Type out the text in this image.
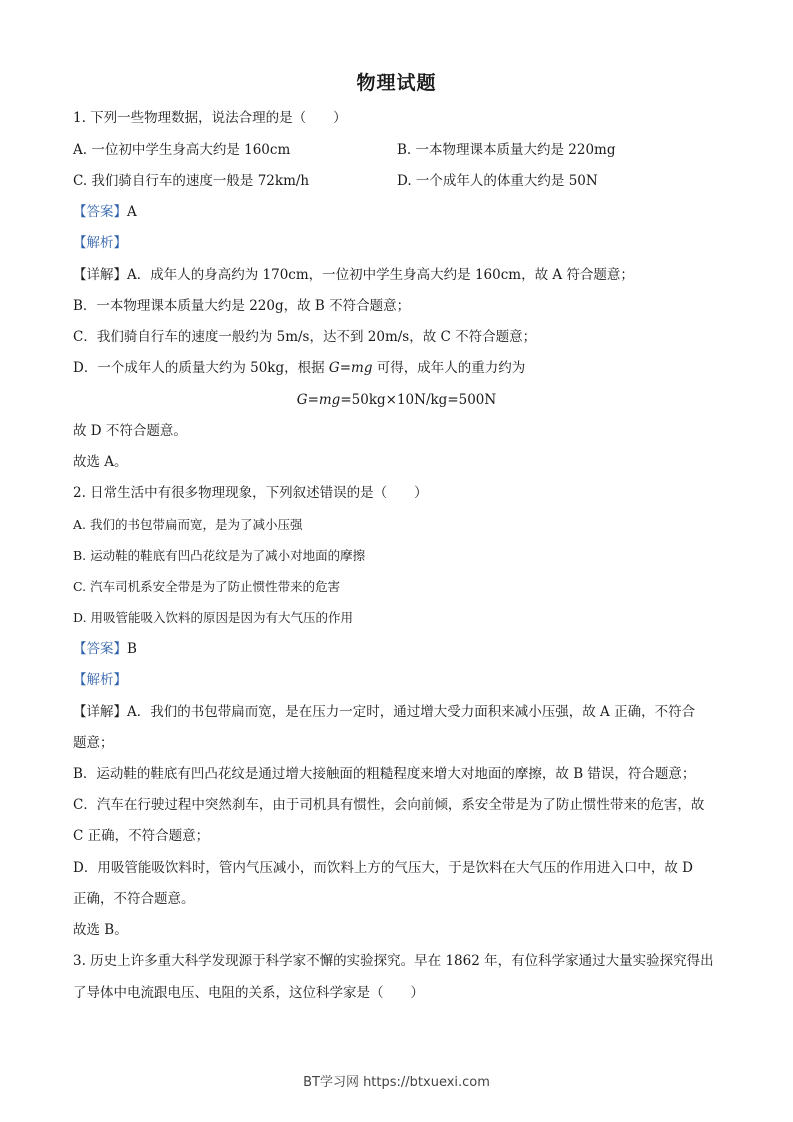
物理试题
1. 下列一些物理数据，说法合理的是（　　）
A. 一位初中学生身高大约是 160cm	B. 一本物理课本质量大约是 220mg
C. 我们骑自行车的速度一般是 72km/h	D. 一个成年人的体重大约是 50N
【答案】A
【解析】
【详解】A．成年人的身高约为 170cm，一位初中学生身高大约是 160cm，故 A 符合题意；
B．一本物理课本质量大约是 220g，故 B 不符合题意；
C．我们骑自行车的速度一般约为 5m/s，达不到 20m/s，故 C 不符合题意；
D．一个成年人的质量大约为 50kg，根据 G=mg 可得，成年人的重力约为
G=mg=50kg×10N/kg=500N
故 D 不符合题意。
故选 A。
2. 日常生活中有很多物理现象，下列叙述错误的是（　　）
A. 我们的书包带扁而宽，是为了减小压强
B. 运动鞋的鞋底有凹凸花纹是为了减小对地面的摩擦
C. 汽车司机系安全带是为了防止惯性带来的危害
D. 用吸管能吸入饮料的原因是因为有大气压的作用
【答案】B
【解析】
【详解】A．我们的书包带扁而宽，是在压力一定时，通过增大受力面积来减小压强，故 A 正确，不符合
题意；
B．运动鞋的鞋底有凹凸花纹是通过增大接触面的粗糙程度来增大对地面的摩擦，故 B 错误，符合题意；
C．汽车在行驶过程中突然刹车，由于司机具有惯性，会向前倾，系安全带是为了防止惯性带来的危害，故
C 正确，不符合题意；
D．用吸管能吸饮料时，管内气压减小，而饮料上方的气压大，于是饮料在大气压的作用进入口中，故 D
正确，不符合题意。
故选 B。
3. 历史上许多重大科学发现源于科学家不懈的实验探究。早在 1862 年，有位科学家通过大量实验探究得出
了导体中电流跟电压、电阻的关系，这位科学家是（　　）
BT学习网 https://btxuexi.com
